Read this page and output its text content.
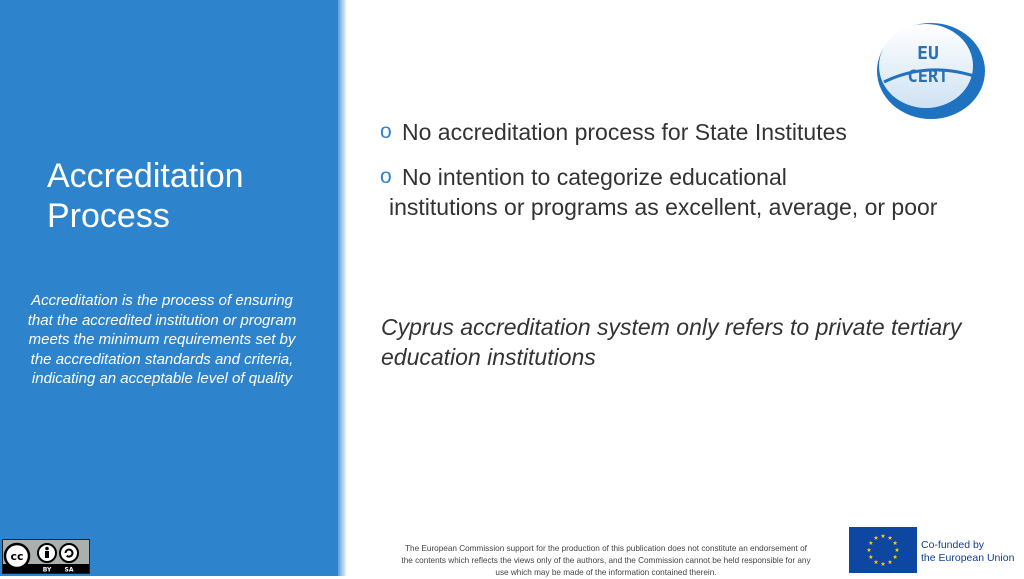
Accreditation
Process

Accreditation is the process of ensuring that the accredited institution or program meets the minimum requirements set by the accreditation standards and criteria, indicating an acceptable level of quality

o No accreditation process for State Institutes
o No intention to categorize educational
institutions or programs as excellent, average, or poor

Cyprus accreditation system only refers to private tertiary education institutions

EU
CERT
cc
BY SA

The European Commission support for the production of this publication does not constitute an endorsement of the contents which reflects the views only of the authors, and the Commission cannot be held responsible for any use which may be made of the information contained therein.

Co-funded by
the European Union
